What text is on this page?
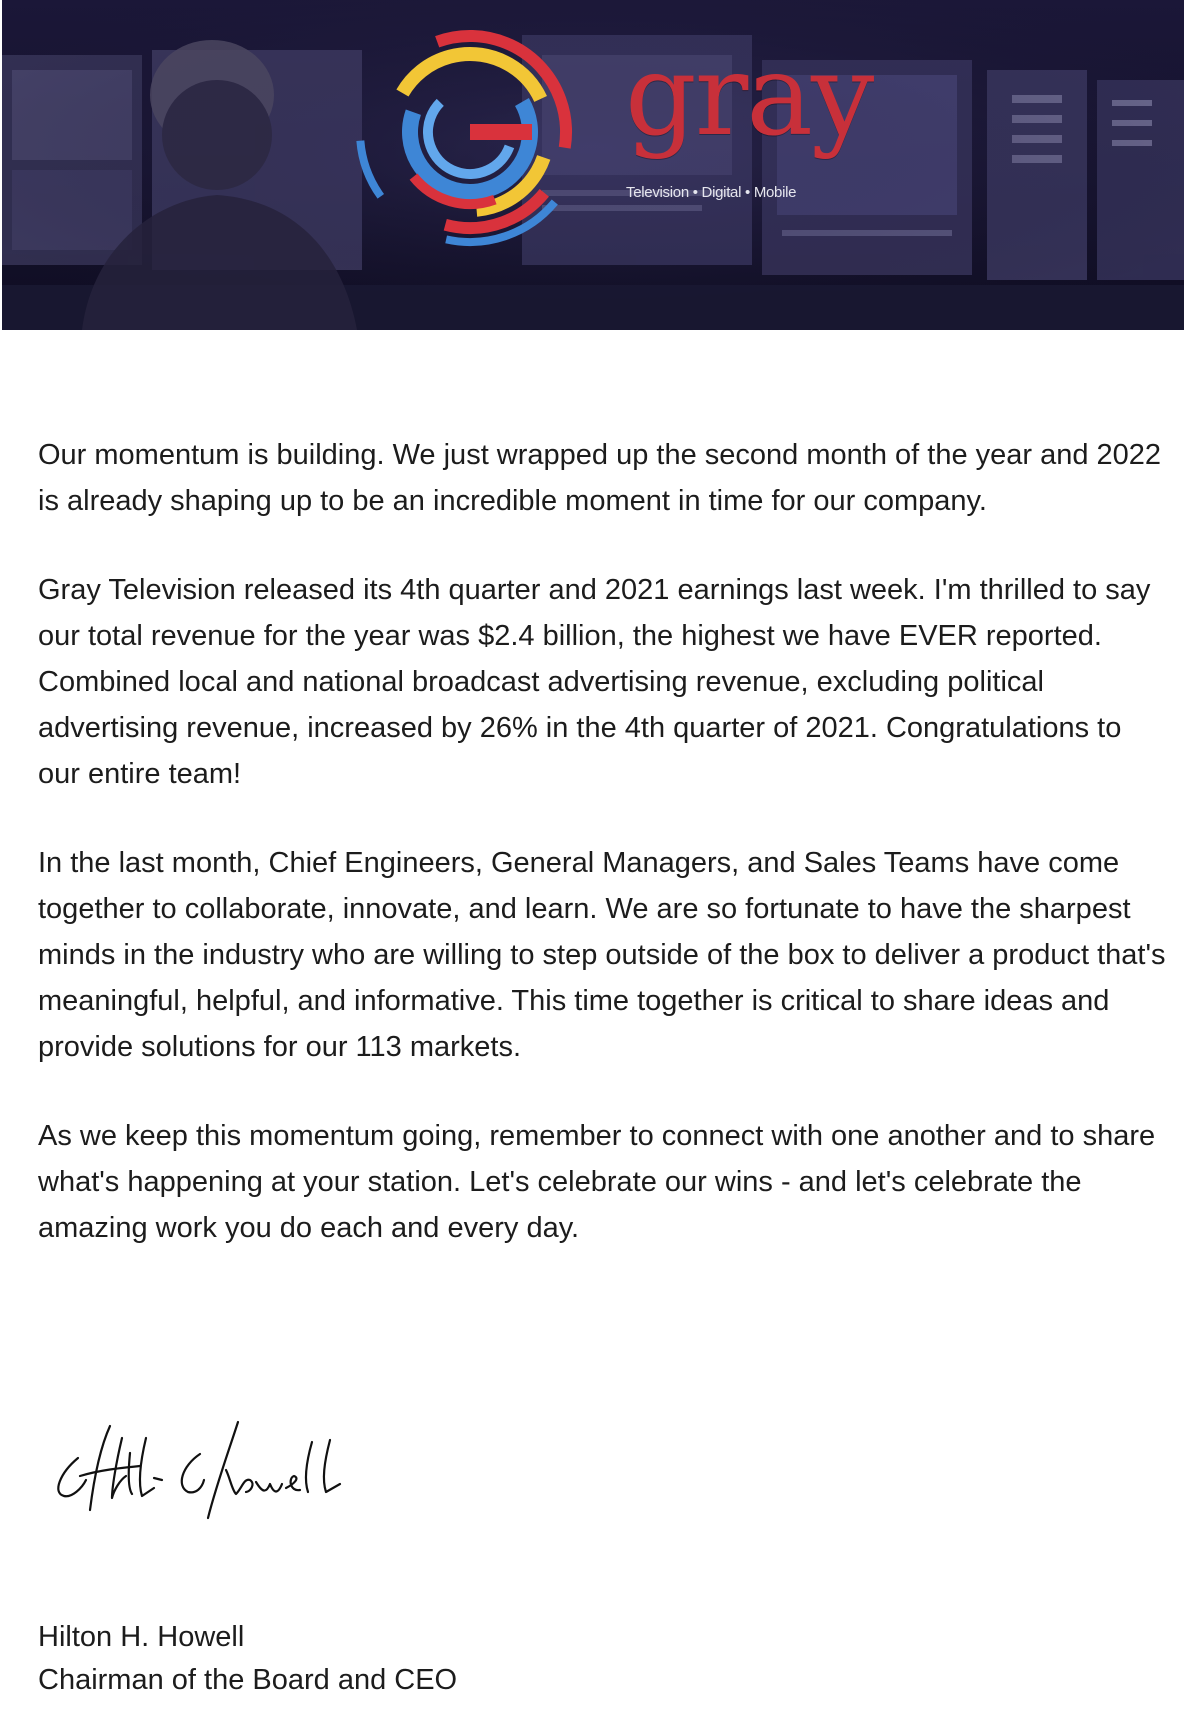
gray
Television • Digital • Mobile

Our momentum is building. We just wrapped up the second month of the year and 2022 is already shaping up to be an incredible moment in time for our company.

Gray Television released its 4th quarter and 2021 earnings last week. I'm thrilled to say our total revenue for the year was $2.4 billion, the highest we have EVER reported. Combined local and national broadcast advertising revenue, excluding political advertising revenue, increased by 26% in the 4th quarter of 2021. Congratulations to our entire team!

In the last month, Chief Engineers, General Managers, and Sales Teams have come together to collaborate, innovate, and learn. We are so fortunate to have the sharpest minds in the industry who are willing to step outside of the box to deliver a product that's meaningful, helpful, and informative. This time together is critical to share ideas and provide solutions for our 113 markets.

As we keep this momentum going, remember to connect with one another and to share what's happening at your station. Let's celebrate our wins - and let's celebrate the amazing work you do each and every day.

Hilton H. Howell
Chairman of the Board and CEO
